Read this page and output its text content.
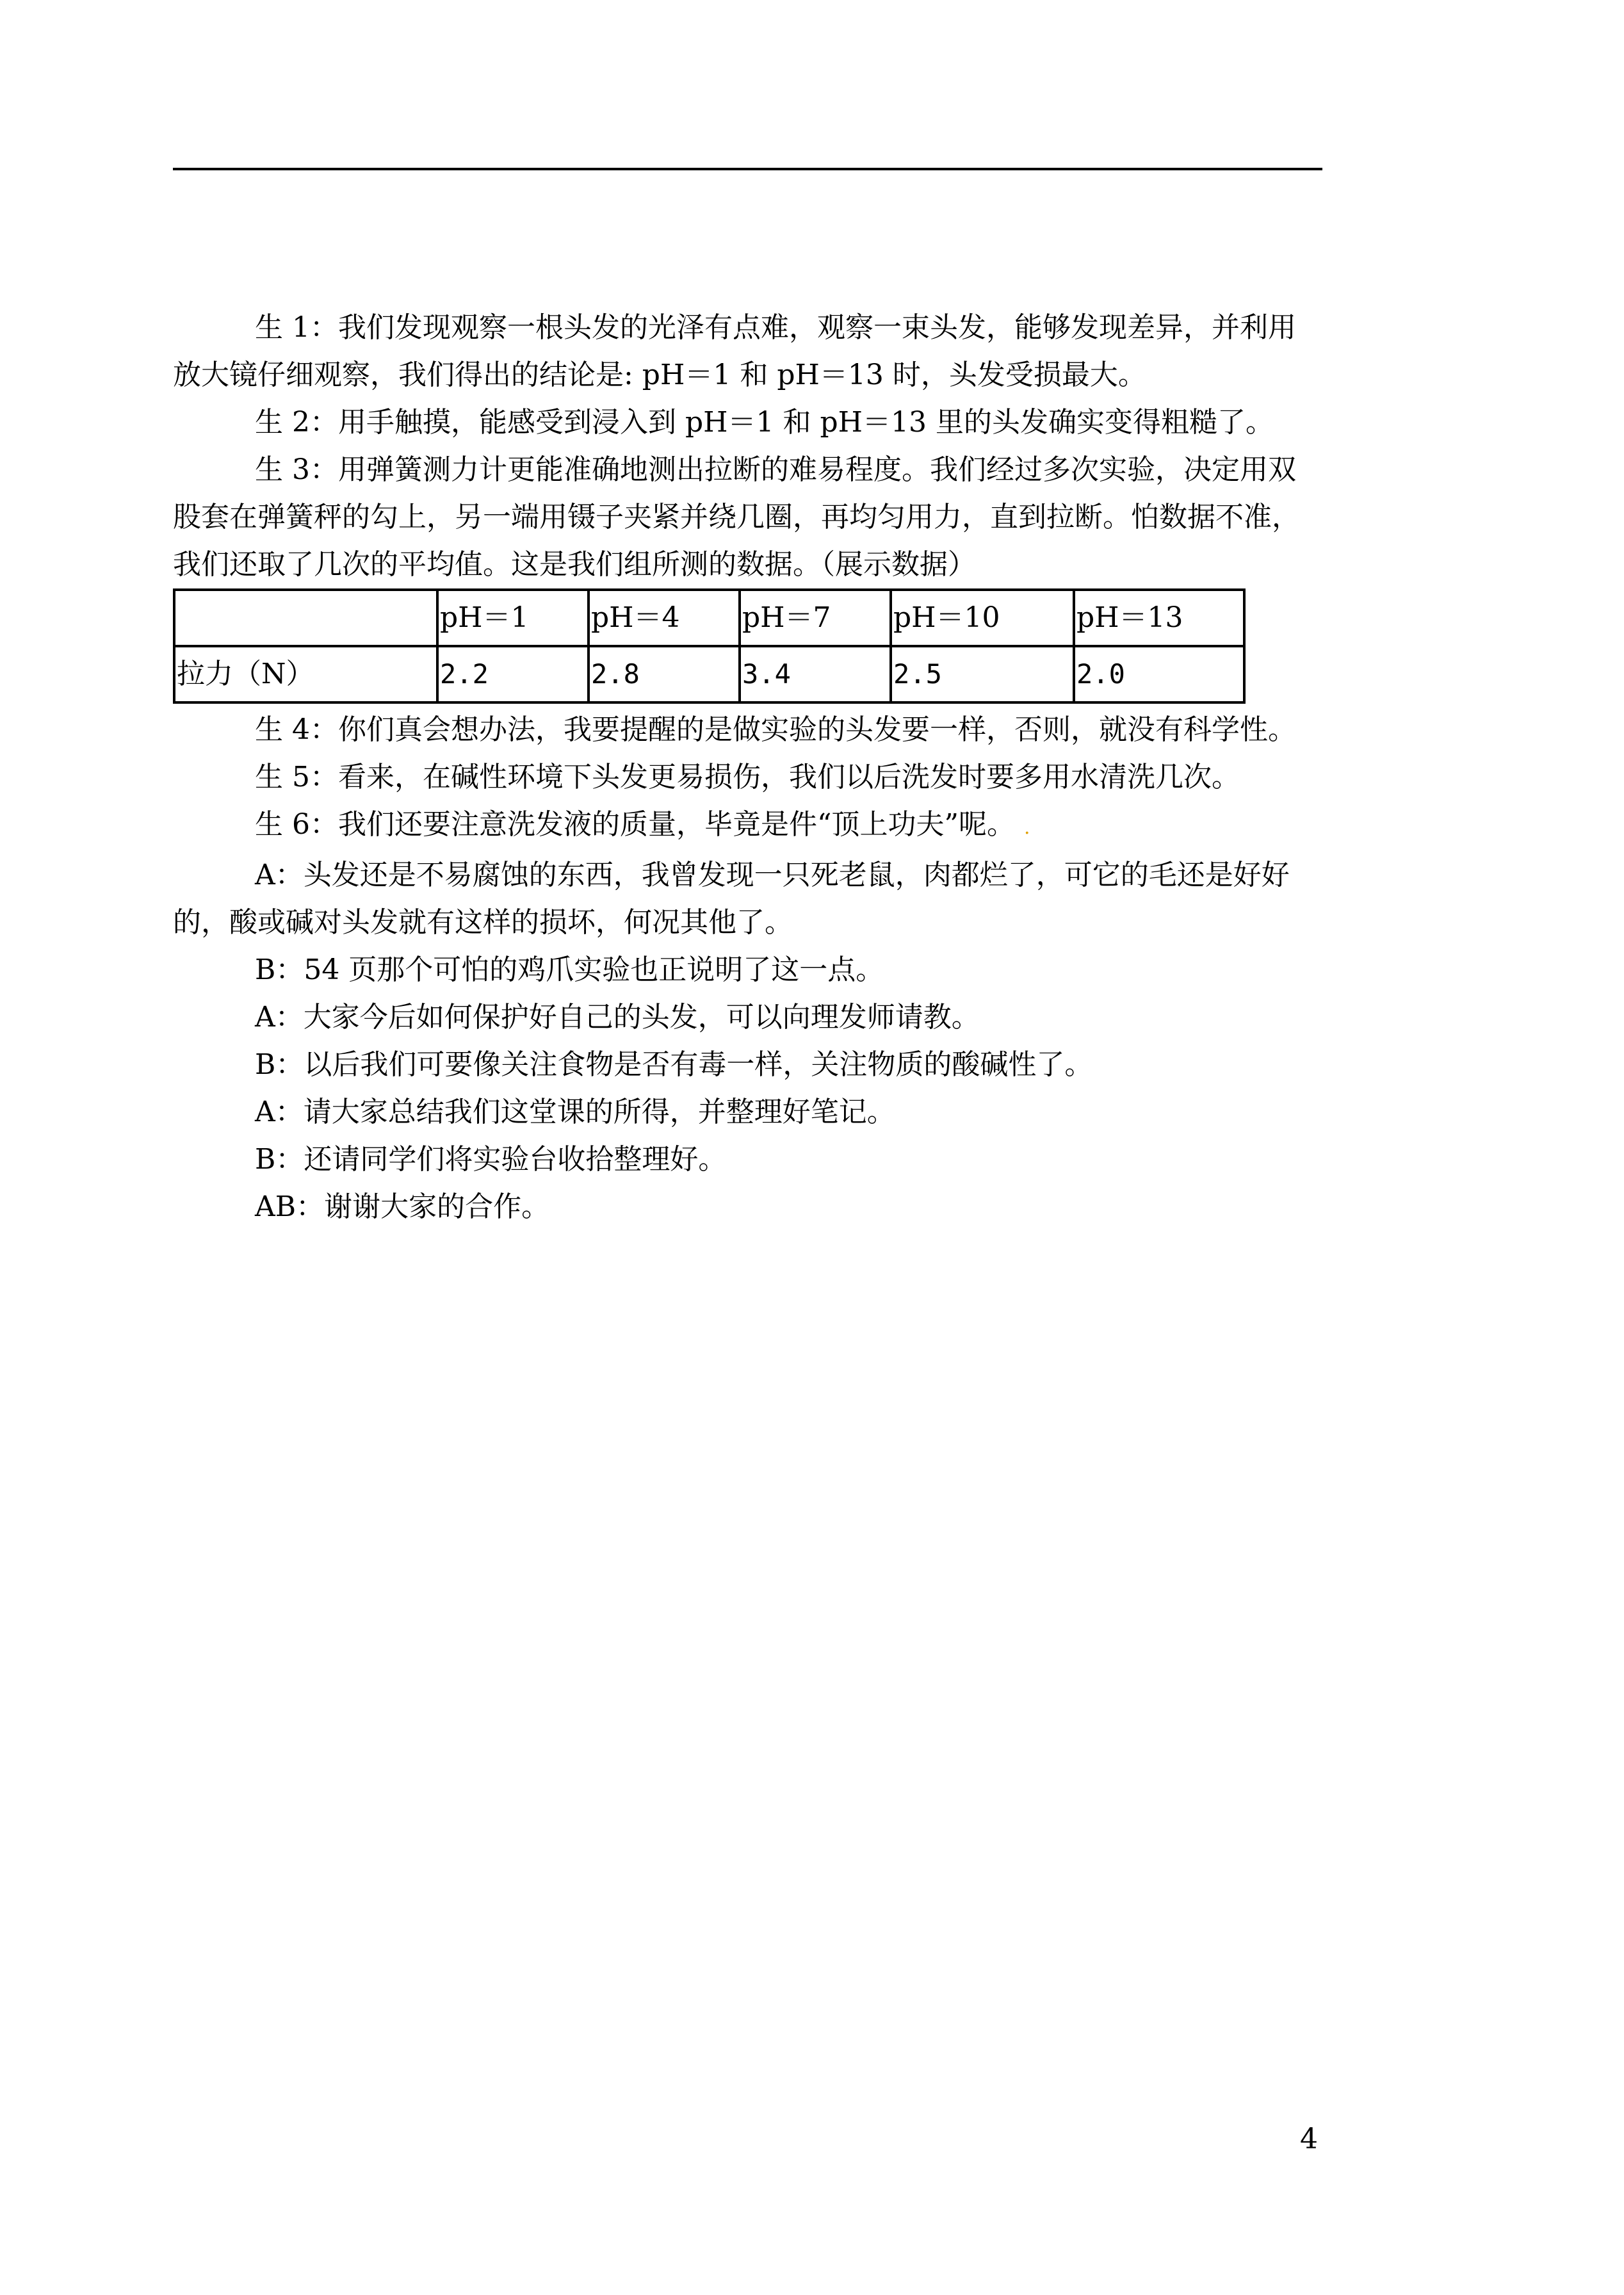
生 1：我们发现观察一根头发的光泽有点难，观察一束头发，能够发现差异，并利用放大镜仔细观察，我们得出的结论是: pH＝1 和 pH＝13 时，头发受损最大。

生 2：用手触摸，能感受到浸入到 pH＝1 和 pH＝13 里的头发确实变得粗糙了。

生 3：用弹簧测力计更能准确地测出拉断的难易程度。我们经过多次实验，决定用双股套在弹簧秤的勾上，另一端用镊子夹紧并绕几圈，再均匀用力，直到拉断。怕数据不准，我们还取了几次的平均值。这是我们组所测的数据。（展示数据）

	pH＝1	pH＝4	pH＝7	pH＝10	pH＝13
拉力（N）	2.2	2.8	3.4	2.5	2.0

生 4：你们真会想办法，我要提醒的是做实验的头发要一样，否则，就没有科学性。

生 5：看来，在碱性环境下头发更易损伤，我们以后洗发时要多用水清洗几次。

生 6：我们还要注意洗发液的质量，毕竟是件“顶上功夫”呢。 .

A：头发还是不易腐蚀的东西，我曾发现一只死老鼠，肉都烂了，可它的毛还是好好的，酸或碱对头发就有这样的损坏，何况其他了。

B：54 页那个可怕的鸡爪实验也正说明了这一点。

A：大家今后如何保护好自己的头发，可以向理发师请教。

B：以后我们可要像关注食物是否有毒一样，关注物质的酸碱性了。

A：请大家总结我们这堂课的所得，并整理好笔记。

B：还请同学们将实验台收拾整理好。

AB：谢谢大家的合作。

4
